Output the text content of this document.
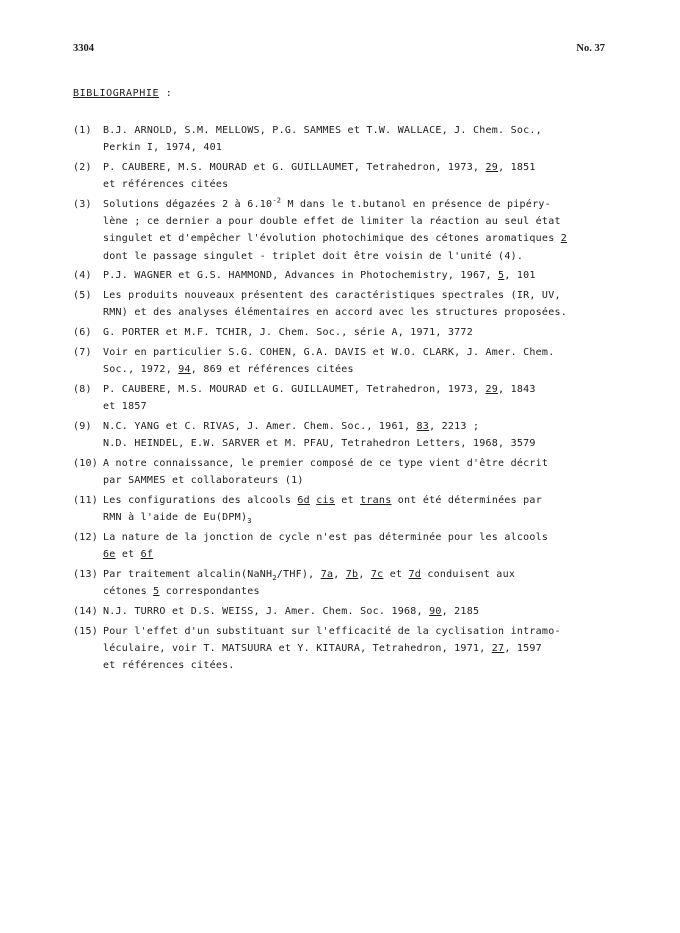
3304	No. 37
BIBLIOGRAPHIE :
(1) B.J. ARNOLD, S.M. MELLOWS, P.G. SAMMES et T.W. WALLACE, J. Chem. Soc.,
Perkin I, 1974, 401
(2) P. CAUBERE, M.S. MOURAD et G. GUILLAUMET, Tetrahedron, 1973, 29, 1851
et références citées
(3) Solutions dégazées 2 à $6.10^{-2}$ M dans le t.butanol en présence de pipéry-
lène ; ce dernier a pour double effet de limiter la réaction au seul état
singulet et d'empêcher l'évolution photochimique des cétones aromatiques 2
dont le passage singulet - triplet doit être voisin de l'unité (4).
(4) P.J. WAGNER et G.S. HAMMOND, Advances in Photochemistry, 1967, 5, 101
(5) Les produits nouveaux présentent des caractéristiques spectrales (IR, UV,
RMN) et des analyses élémentaires en accord avec les structures proposées.
(6) G. PORTER et M.F. TCHIR, J. Chem. Soc., série A, 1971, 3772
(7) Voir en particulier S.G. COHEN, G.A. DAVIS et W.O. CLARK, J. Amer. Chem.
Soc., 1972, 94, 869 et références citées
(8) P. CAUBERE, M.S. MOURAD et G. GUILLAUMET, Tetrahedron, 1973, 29, 1843
et 1857
(9) N.C. YANG et C. RIVAS, J. Amer. Chem. Soc., 1961, 83, 2213 ;
N.D. HEINDEL, E.W. SARVER et M. PFAU, Tetrahedron Letters, 1968, 3579
(10) A notre connaissance, le premier composé de ce type vient d'être décrit
par SAMMES et collaborateurs (1)
(11) Les configurations des alcools 6d cis et trans ont été déterminées par
RMN à l'aide de $Eu(DPM)_3$
(12) La nature de la jonction de cycle n'est pas déterminée pour les alcools
6e et 6f
(13) Par traitement alcalin(NaNH$_2$/THF), 7a, 7b, 7c et 7d conduisent aux
cétones 5 correspondantes
(14) N.J. TURRO et D.S. WEISS, J. Amer. Chem. Soc. 1968, 90, 2185
(15) Pour l'effet d'un substituant sur l'efficacité de la cyclisation intramo-
léculaire, voir T. MATSUURA et Y. KITAURA, Tetrahedron, 1971, 27, 1597
et références citées.
